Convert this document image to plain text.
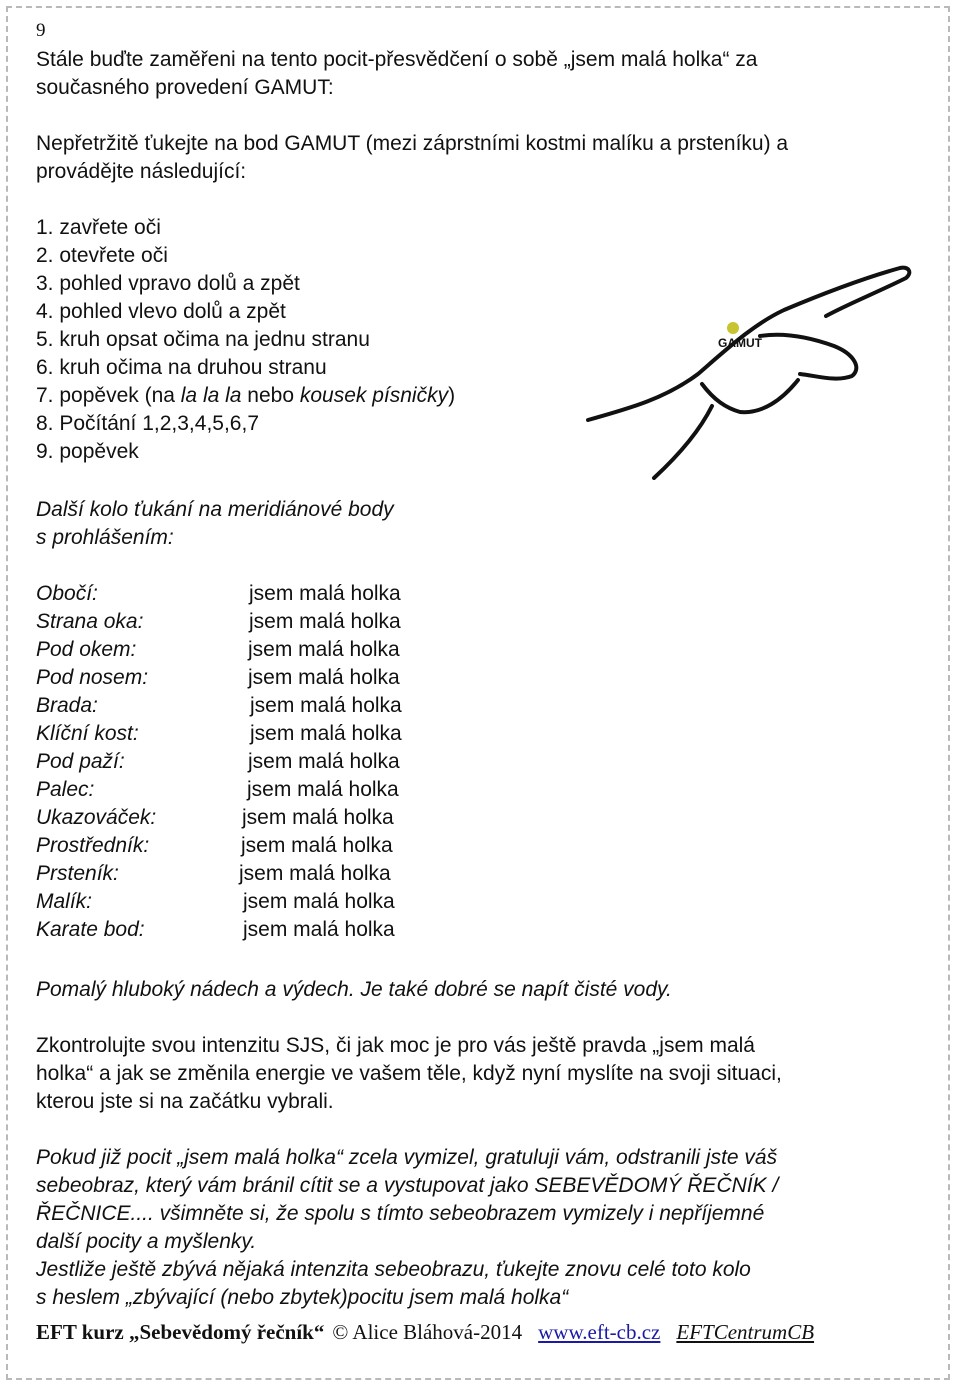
9
Stále buďte zaměřeni na tento pocit-přesvědčení o sobě „jsem malá holka“ za
současného provedení GAMUT:
Nepřetržitě ťukejte na bod GAMUT (mezi záprstními kostmi malíku a prsteníku) a
provádějte následující:
1. zavřete oči
2. otevřete oči
3. pohled vpravo dolů a zpět
4. pohled vlevo dolů a zpět
5. kruh opsat očima na jednu stranu
6. kruh očima na druhou stranu
7. popěvek (na la la la nebo kousek písničky)
8. Počítání 1,2,3,4,5,6,7
9. popěvek
GAMUT
Další kolo ťukání na meridiánové body
s prohlášením:
Obočí:	jsem malá holka
Strana oka:	jsem malá holka
Pod okem:	jsem malá holka
Pod nosem:	jsem malá holka
Brada:	jsem malá holka
Klíční kost:	jsem malá holka
Pod paží:	jsem malá holka
Palec:	jsem malá holka
Ukazováček:	jsem malá holka
Prostředník:	jsem malá holka
Prsteník:	jsem malá holka
Malík:	jsem malá holka
Karate bod:	jsem malá holka
Pomalý hluboký nádech a výdech. Je také dobré se napít čisté vody.
Zkontrolujte svou intenzitu SJS, či jak moc je pro vás ještě pravda „jsem malá
holka“ a jak se změnila energie ve vašem těle, když nyní myslíte na svoji situaci,
kterou jste si na začátku vybrali.
Pokud již pocit „jsem malá holka“ zcela vymizel, gratuluji vám, odstranili jste váš
sebeobraz, který vám bránil cítit se a vystupovat jako SEBEVĚDOMÝ ŘEČNÍK /
ŘEČNICE.... všimněte si, že spolu s tímto sebeobrazem vymizely i nepříjemné
další pocity a myšlenky.
Jestliže ještě zbývá nějaká intenzita sebeobrazu, ťukejte znovu celé toto kolo
s heslem „zbývající (nebo zbytek)pocitu jsem malá holka“
EFT kurz „Sebevědomý řečník“ © Alice Bláhová-2014 www.eft-cb.cz EFTCentrumCB
